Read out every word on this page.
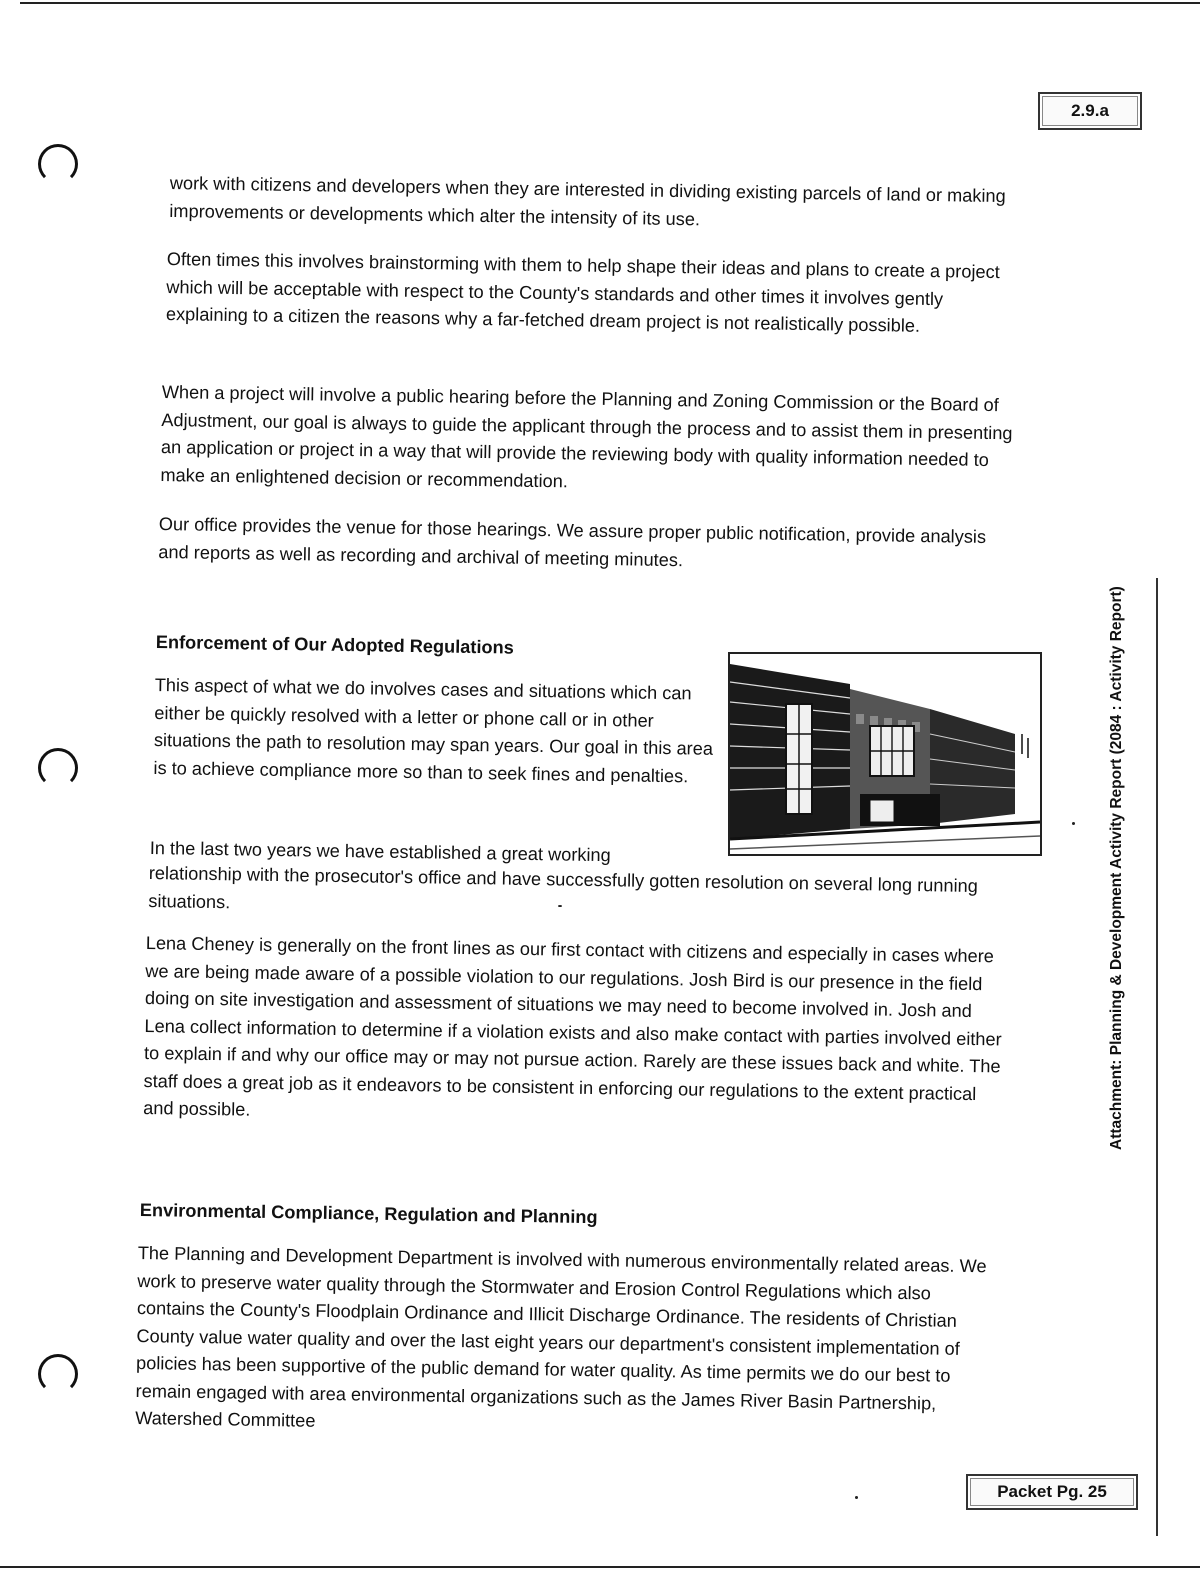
2.9.a
Packet Pg. 25
Attachment: Planning & Development Activity Report (2084 : Activity Report)
work with citizens and developers when they are interested in dividing existing parcels of land or making improvements or developments which alter the intensity of its use.
Often times this involves brainstorming with them to help shape their ideas and plans to create a project which will be acceptable with respect to the County's standards and other times it involves gently explaining to a citizen the reasons why a far-fetched dream project is not realistically possible.
When a project will involve a public hearing before the Planning and Zoning Commission or the Board of Adjustment, our goal is always to guide the applicant through the process and to assist them in presenting an application or project in a way that will provide the reviewing body with quality information needed to make an enlightened decision or recommendation.
Our office provides the venue for those hearings. We assure proper public notification, provide analysis and reports as well as recording and archival of meeting minutes.
Enforcement of Our Adopted Regulations
This aspect of what we do involves cases and situations which can either be quickly resolved with a letter or phone call or in other situations the path to resolution may span years. Our goal in this area is to achieve compliance more so than to seek fines and penalties.
In the last two years we have established a great working
relationship with the prosecutor's office and have successfully gotten resolution on several long running situations.
Lena Cheney is generally on the front lines as our first contact with citizens and especially in cases where we are being made aware of a possible violation to our regulations. Josh Bird is our presence in the field doing on site investigation and assessment of situations we may need to become involved in. Josh and Lena collect information to determine if a violation exists and also make contact with parties involved either to explain if and why our office may or may not pursue action. Rarely are these issues back and white. The staff does a great job as it endeavors to be consistent in enforcing our regulations to the extent practical and possible.
Environmental Compliance, Regulation and Planning
The Planning and Development Department is involved with numerous environmentally related areas. We work to preserve water quality through the Stormwater and Erosion Control Regulations which also contains the County's Floodplain Ordinance and Illicit Discharge Ordinance. The residents of Christian County value water quality and over the last eight years our department's consistent implementation of policies has been supportive of the public demand for water quality. As time permits we do our best to remain engaged with area environmental organizations such as the James River Basin Partnership, Watershed Committee
